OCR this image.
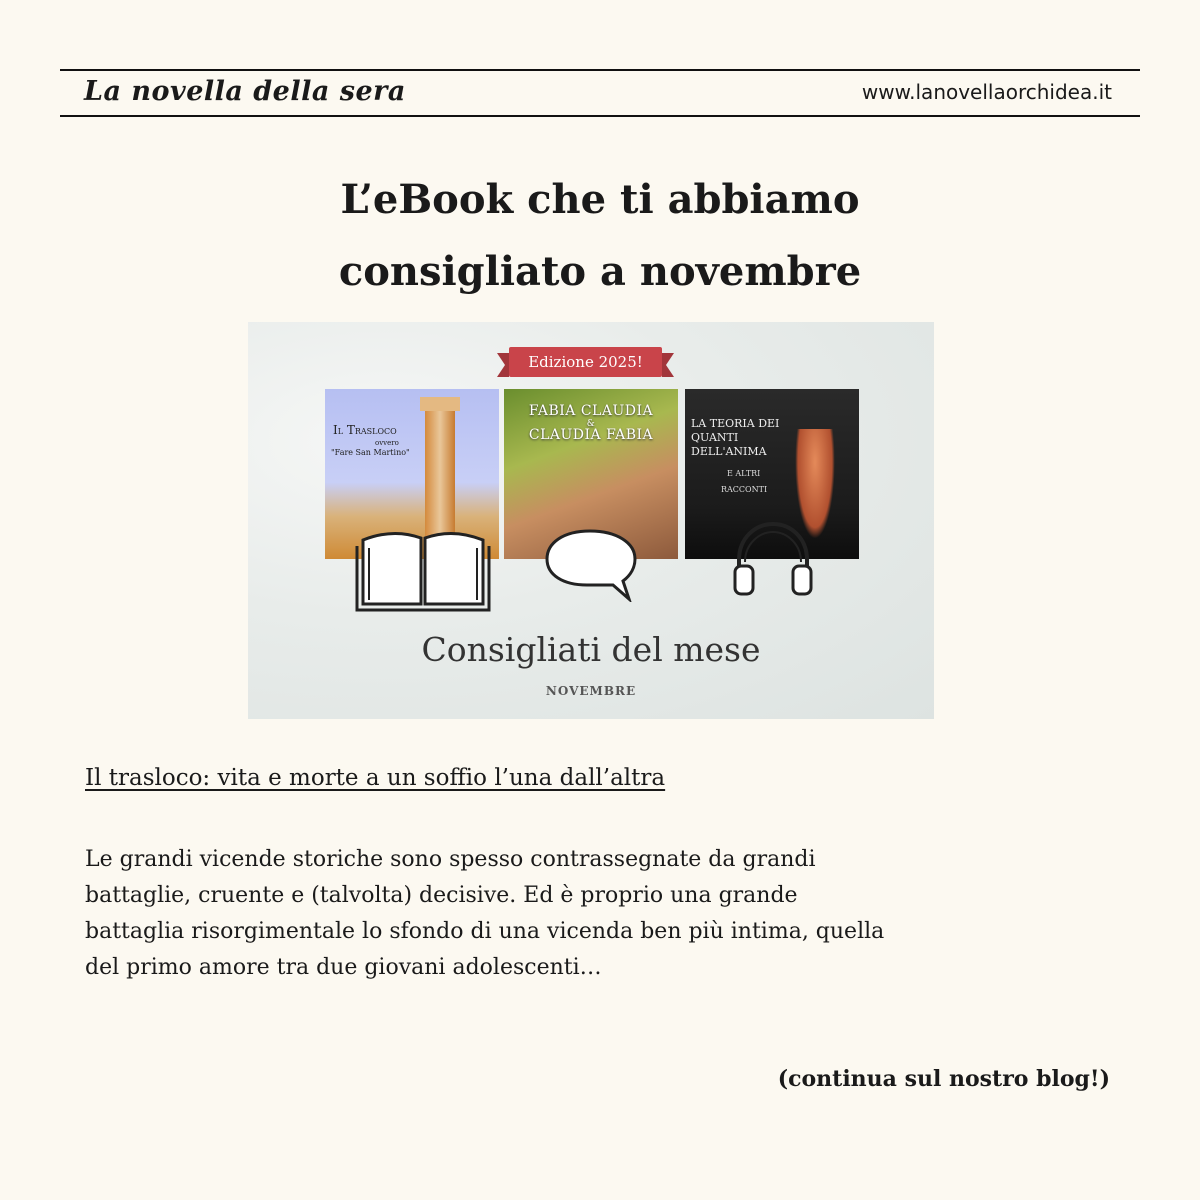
La novella della sera	www.lanovellaorchidea.it
L’eBook che ti abbiamo
consigliato a novembre
Edizione 2025!
Il Trasloco
ovvero
"Fare San Martino"
FABIA CLAUDIA
&
CLAUDIA FABIA
LA TEORIA DEI
QUANTI
DELL'ANIMA
E ALTRI
RACCONTI
Consigliati del mese
NOVEMBRE
Il trasloco: vita e morte a un soffio l’una dall’altra
Le grandi vicende storiche sono spesso contrassegnate da grandi
battaglie, cruente e (talvolta) decisive. Ed è proprio una grande
battaglia risorgimentale lo sfondo di una vicenda ben più intima, quella
del primo amore tra due giovani adolescenti…
(continua sul nostro blog!)
